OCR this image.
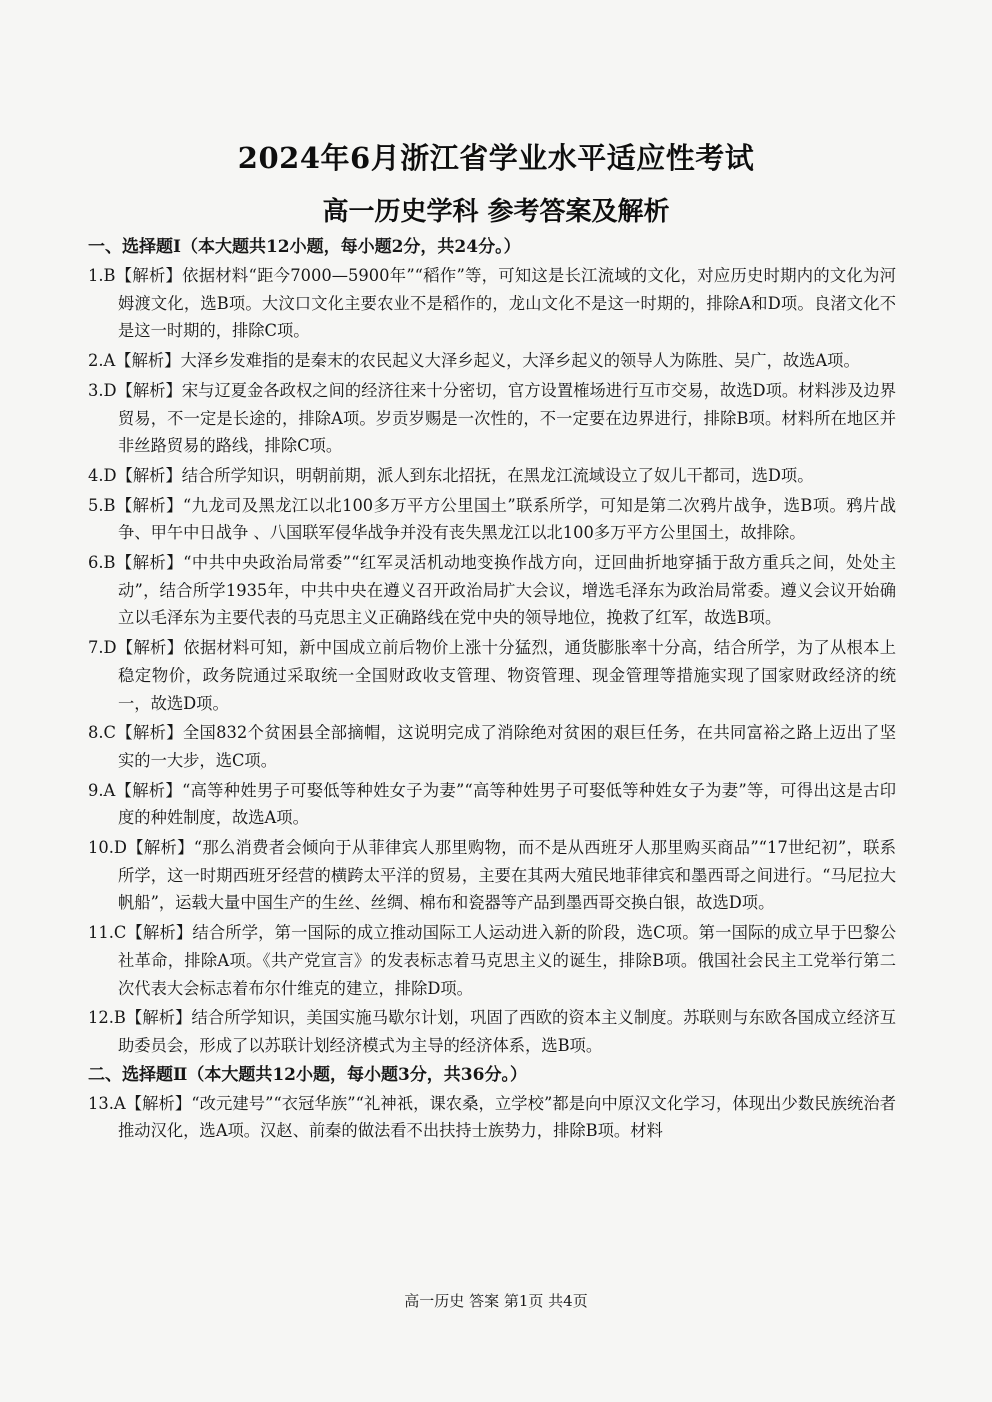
2024年6月浙江省学业水平适应性考试
高一历史学科 参考答案及解析
一、选择题Ⅰ（本大题共12小题，每小题2分，共24分。）
1.B【解析】依据材料“距今7000—5900年”“稻作”等，可知这是长江流域的文化，对应历史时期内的文化为河姆渡文化，选B项。大汶口文化主要农业不是稻作的，龙山文化不是这一时期的，排除A和D项。良渚文化不是这一时期的，排除C项。
2.A【解析】大泽乡发难指的是秦末的农民起义大泽乡起义，大泽乡起义的领导人为陈胜、吴广，故选A项。
3.D【解析】宋与辽夏金各政权之间的经济往来十分密切，官方设置榷场进行互市交易，故选D项。材料涉及边界贸易，不一定是长途的，排除A项。岁贡岁赐是一次性的，不一定要在边界进行，排除B项。材料所在地区并非丝路贸易的路线，排除C项。
4.D【解析】结合所学知识，明朝前期，派人到东北招抚，在黑龙江流域设立了奴儿干都司，选D项。
5.B【解析】“九龙司及黑龙江以北100多万平方公里国土”联系所学，可知是第二次鸦片战争，选B项。鸦片战争、甲午中日战争 、八国联军侵华战争并没有丧失黑龙江以北100多万平方公里国土，故排除。
6.B【解析】“中共中央政治局常委”“红军灵活机动地变换作战方向，迂回曲折地穿插于敌方重兵之间，处处主动”，结合所学1935年，中共中央在遵义召开政治局扩大会议，增选毛泽东为政治局常委。遵义会议开始确立以毛泽东为主要代表的马克思主义正确路线在党中央的领导地位，挽救了红军，故选B项。
7.D【解析】依据材料可知，新中国成立前后物价上涨十分猛烈，通货膨胀率十分高，结合所学，为了从根本上稳定物价，政务院通过采取统一全国财政收支管理、物资管理、现金管理等措施实现了国家财政经济的统一，故选D项。
8.C【解析】全国832个贫困县全部摘帽，这说明完成了消除绝对贫困的艰巨任务，在共同富裕之路上迈出了坚实的一大步，选C项。
9.A【解析】“高等种姓男子可娶低等种姓女子为妻”“高等种姓男子可娶低等种姓女子为妻”等，可得出这是古印度的种姓制度，故选A项。
10.D【解析】“那么消费者会倾向于从菲律宾人那里购物，而不是从西班牙人那里购买商品”“17世纪初”，联系所学，这一时期西班牙经营的横跨太平洋的贸易，主要在其两大殖民地菲律宾和墨西哥之间进行。“马尼拉大帆船”，运载大量中国生产的生丝、丝绸、棉布和瓷器等产品到墨西哥交换白银，故选D项。
11.C【解析】结合所学，第一国际的成立推动国际工人运动进入新的阶段，选C项。第一国际的成立早于巴黎公社革命，排除A项。《共产党宣言》的发表标志着马克思主义的诞生，排除B项。俄国社会民主工党举行第二次代表大会标志着布尔什维克的建立，排除D项。
12.B【解析】结合所学知识，美国实施马歇尔计划，巩固了西欧的资本主义制度。苏联则与东欧各国成立经济互助委员会，形成了以苏联计划经济模式为主导的经济体系，选B项。
二、选择题Ⅱ（本大题共12小题，每小题3分，共36分。）
13.A【解析】“改元建号”“衣冠华族”“礼神祇，课农桑，立学校”都是向中原汉文化学习，体现出少数民族统治者推动汉化，选A项。汉赵、前秦的做法看不出扶持士族势力，排除B项。材料
高一历史 答案 第1页 共4页
